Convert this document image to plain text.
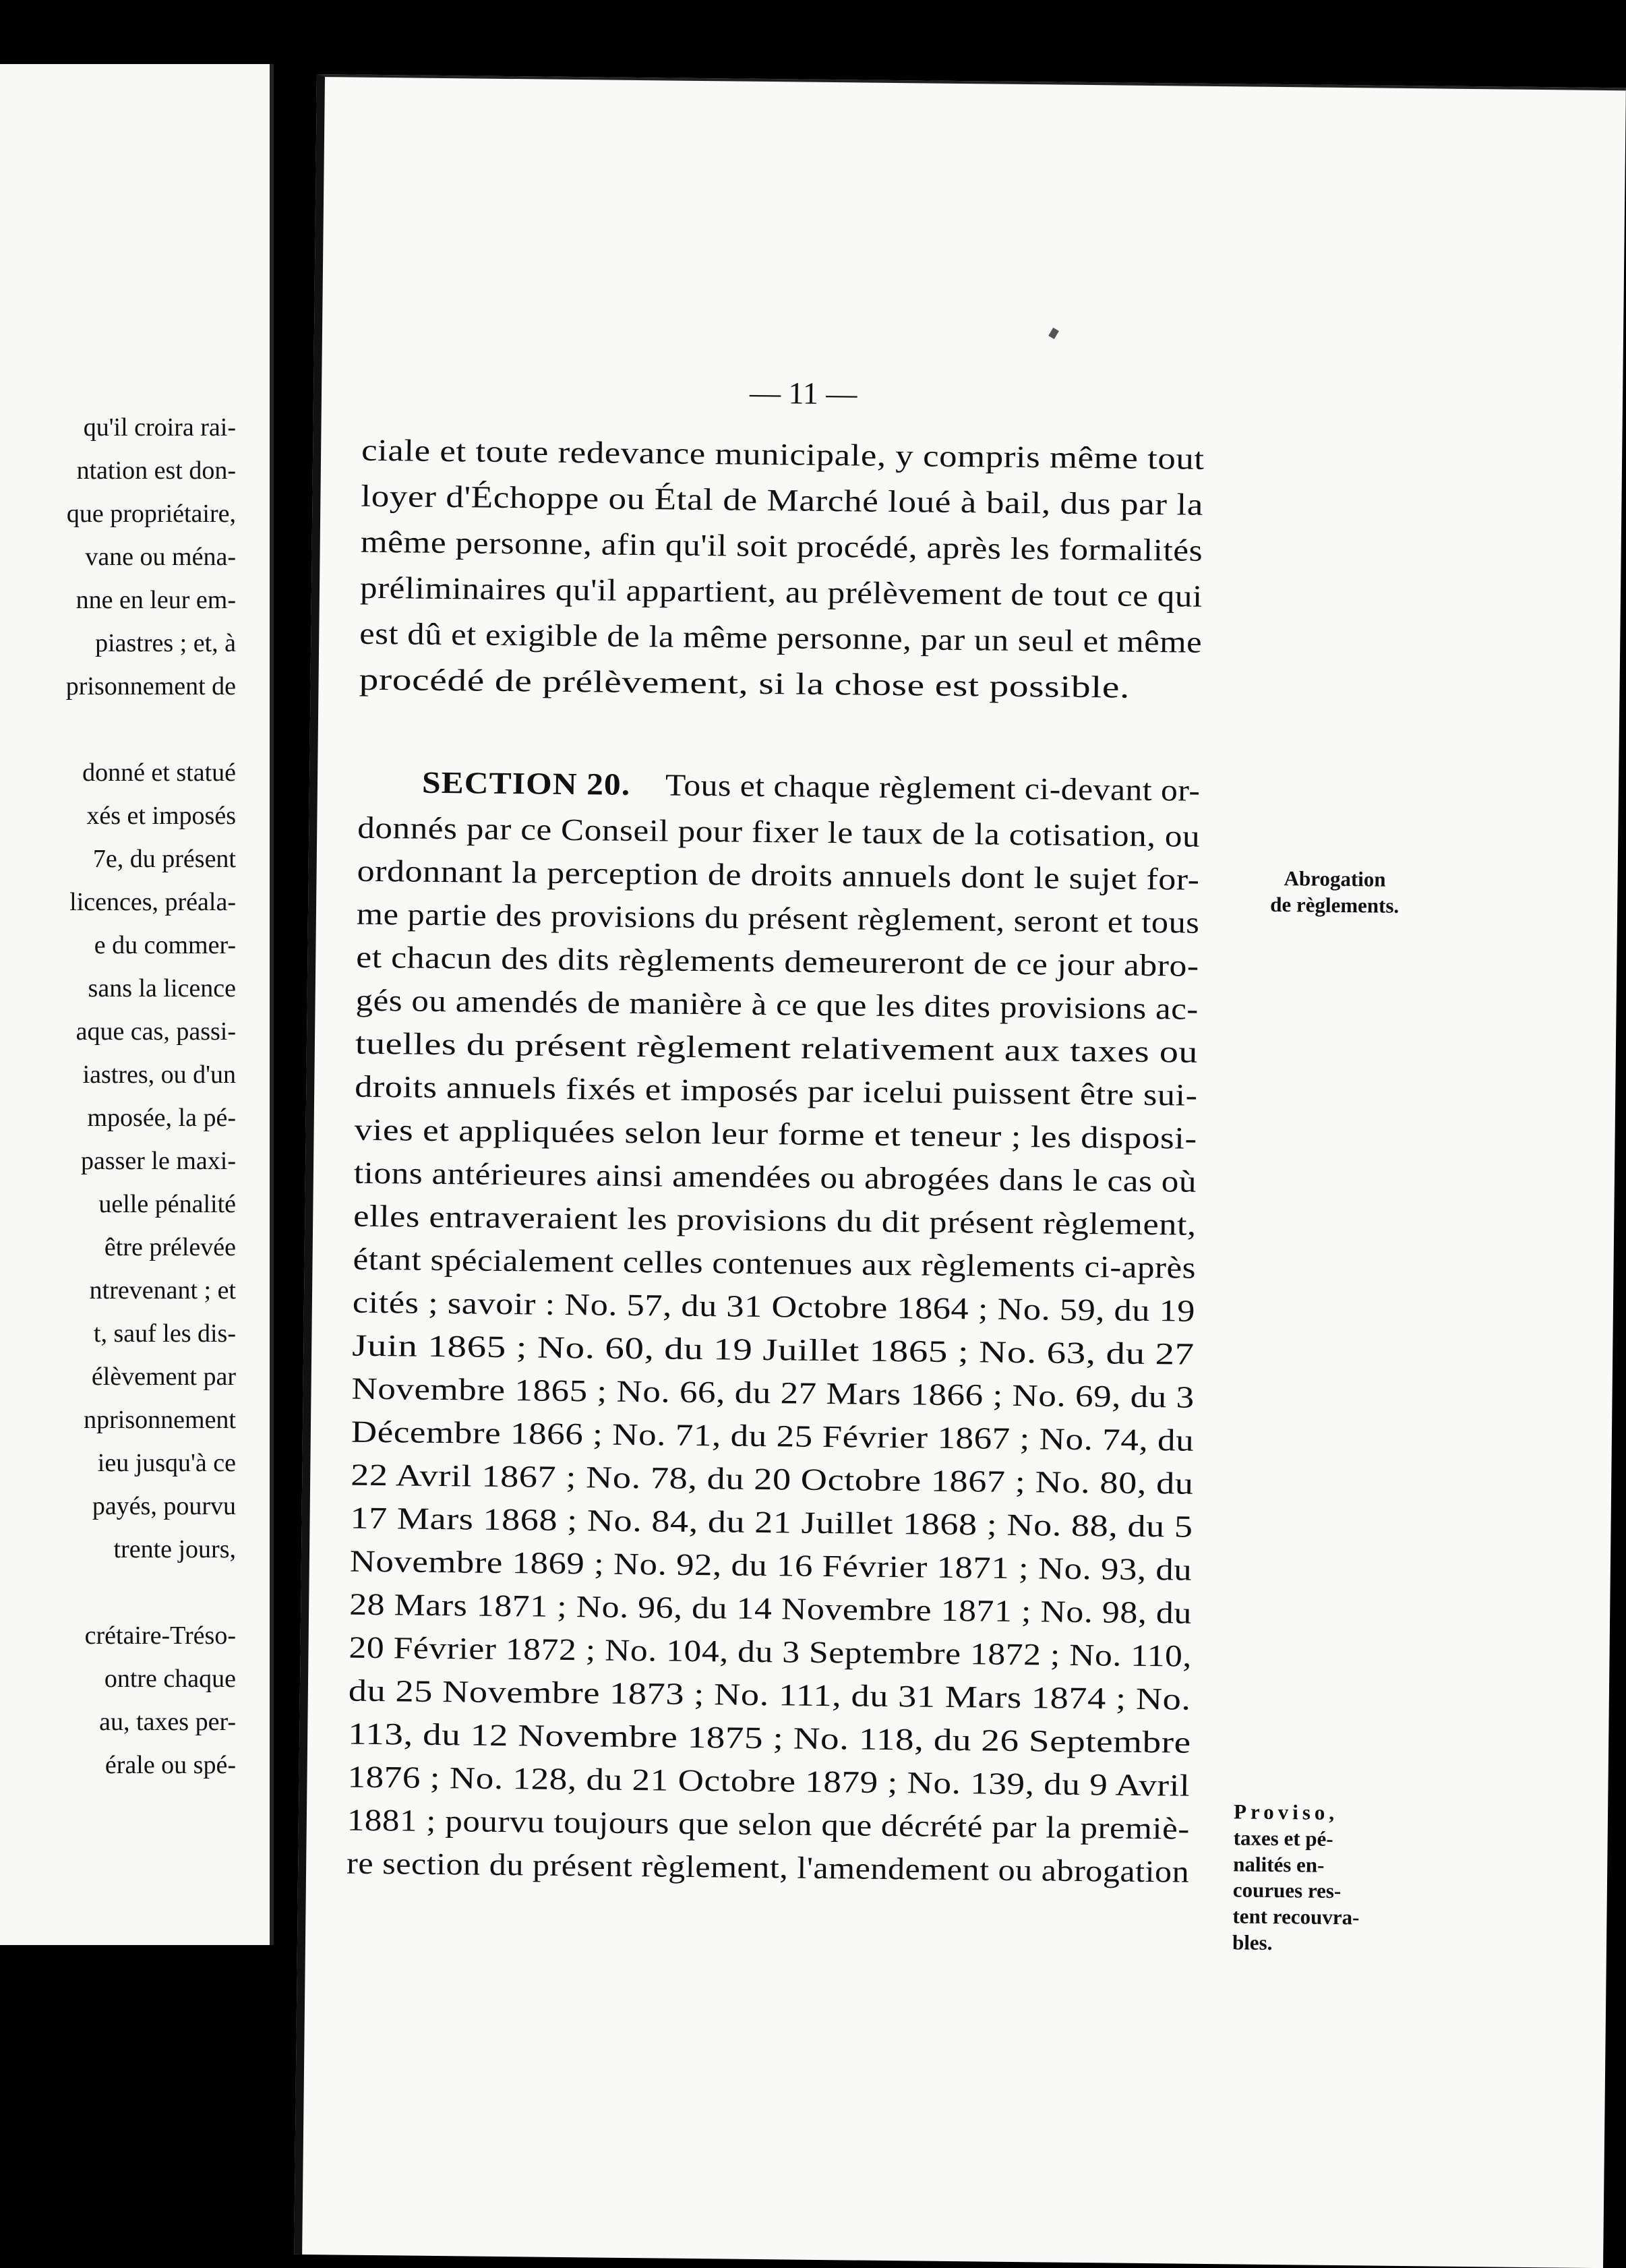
qu'il croira rai-
ntation est don-
que propriétaire,
vane ou ména-
nne en leur em-
piastres ; et, à
prisonnement de
donné et statué
xés et imposés
7e, du présent
licences, préala-
e du commer-
sans la licence
aque cas, passi-
iastres, ou d'un
mposée, la pé-
passer le maxi-
uelle pénalité
être prélevée
ntrevenant ; et
t, sauf les dis-
élèvement par
nprisonnement
ieu jusqu'à ce
payés, pourvu
trente jours,
crétaire-Tréso-
ontre chaque
au, taxes per-
érale ou spé-
— 11 —
ciale et toute redevance municipale, y compris même tout
loyer d'Échoppe ou Étal de Marché loué à bail, dus par la
même personne, afin qu'il soit procédé, après les formalités
préliminaires qu'il appartient, au prélèvement de tout ce qui
est dû et exigible de la même personne, par un seul et même
procédé de prélèvement, si la chose est possible.
SECTION 20. Tous et chaque règlement ci-devant or-
donnés par ce Conseil pour fixer le taux de la cotisation, ou
ordonnant la perception de droits annuels dont le sujet for-
me partie des provisions du présent règlement, seront et tous
et chacun des dits règlements demeureront de ce jour abro-
gés ou amendés de manière à ce que les dites provisions ac-
tuelles du présent règlement relativement aux taxes ou
droits annuels fixés et imposés par icelui puissent être sui-
vies et appliquées selon leur forme et teneur ; les disposi-
tions antérieures ainsi amendées ou abrogées dans le cas où
elles entraveraient les provisions du dit présent règlement,
étant spécialement celles contenues aux règlements ci-après
cités ; savoir : No. 57, du 31 Octobre 1864 ; No. 59, du 19
Juin 1865 ; No. 60, du 19 Juillet 1865 ; No. 63, du 27
Novembre 1865 ; No. 66, du 27 Mars 1866 ; No. 69, du 3
Décembre 1866 ; No. 71, du 25 Février 1867 ; No. 74, du
22 Avril 1867 ; No. 78, du 20 Octobre 1867 ; No. 80, du
17 Mars 1868 ; No. 84, du 21 Juillet 1868 ; No. 88, du 5
Novembre 1869 ; No. 92, du 16 Février 1871 ; No. 93, du
28 Mars 1871 ; No. 96, du 14 Novembre 1871 ; No. 98, du
20 Février 1872 ; No. 104, du 3 Septembre 1872 ; No. 110,
du 25 Novembre 1873 ; No. 111, du 31 Mars 1874 ; No.
113, du 12 Novembre 1875 ; No. 118, du 26 Septembre
1876 ; No. 128, du 21 Octobre 1879 ; No. 139, du 9 Avril
1881 ; pourvu toujours que selon que décrété par la premiè-
re section du présent règlement, l'amendement ou abrogation
Abrogation
de règlements.
Proviso,
taxes et pé-
nalités en-
courues res-
tent recouvra-
bles.
